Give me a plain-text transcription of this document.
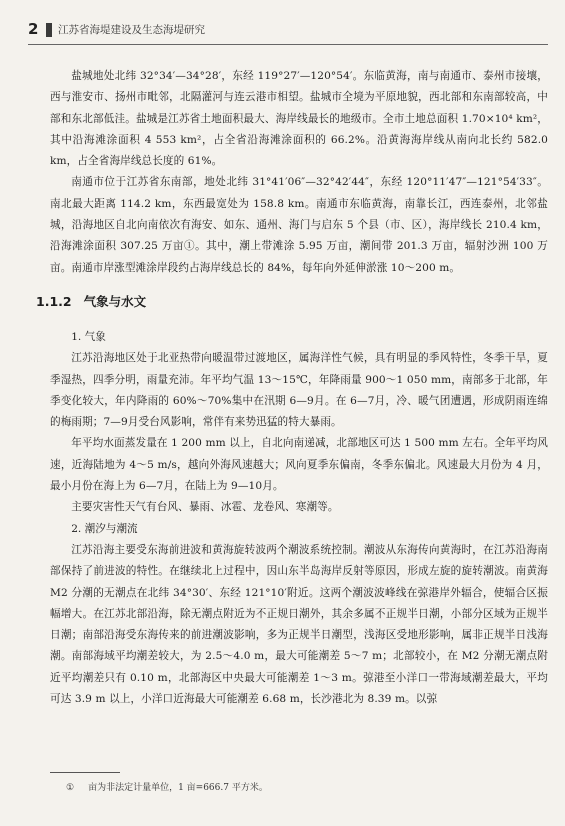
2 江苏省海堤建设及生态海堤研究

盐城地处北纬 32°34′—34°28′，东经 119°27′—120°54′。东临黄海，南与南通市、泰州市接壤，西与淮安市、扬州市毗邻，北隔灌河与连云港市相望。盐城市全境为平原地貌，西北部和东南部较高，中部和东北部低洼。盐城是江苏省土地面积最大、海岸线最长的地级市。全市土地总面积 1.70×10⁴ km²，其中沿海滩涂面积 4 553 km²，占全省沿海滩涂面积的 66.2%。沿黄海海岸线从南向北长约 582.0 km，占全省海岸线总长度的 61%。

南通市位于江苏省东南部，地处北纬 31°41′06″—32°42′44″，东经 120°11′47″—121°54′33″。南北最大距离 114.2 km，东西最宽处为 158.8 km。南通市东临黄海，南靠长江，西连泰州，北邻盐城，沿海地区自北向南依次有海安、如东、通州、海门与启东 5 个县（市、区），海岸线长 210.4 km，沿海滩涂面积 307.25 万亩①。其中，潮上带滩涂 5.95 万亩，潮间带 201.3 万亩，辐射沙洲 100 万亩。南通市岸涨型滩涂岸段约占海岸线总长的 84%，每年向外延伸淤涨 10～200 m。

1.1.2 气象与水文

1. 气象

江苏沿海地区处于北亚热带向暖温带过渡地区，属海洋性气候，具有明显的季风特性，冬季干旱，夏季湿热，四季分明，雨量充沛。年平均气温 13～15℃，年降雨量 900～1 050 mm，南部多于北部，年季变化较大，年内降雨的 60%～70%集中在汛期 6—9月。在 6—7月，冷、暖气团遭遇，形成阴雨连绵的梅雨期；7—9月受台风影响，常伴有来势迅猛的特大暴雨。

年平均水面蒸发量在 1 200 mm 以上，自北向南递减，北部地区可达 1 500 mm 左右。全年平均风速，近海陆地为 4～5 m/s，越向外海风速越大；风向夏季东偏南，冬季东偏北。风速最大月份为 4 月，最小月份在海上为 6—7月，在陆上为 9—10月。

主要灾害性天气有台风、暴雨、冰雹、龙卷风、寒潮等。

2. 潮汐与潮流

江苏沿海主要受东海前进波和黄海旋转波两个潮波系统控制。潮波从东海传向黄海时，在江苏沿海南部保持了前进波的特性。在继续北上过程中，因山东半岛海岸反射等原因，形成左旋的旋转潮波。南黄海 M2 分潮的无潮点在北纬 34°30′、东经 121°10′附近。这两个潮波波峰线在弶港岸外辐合，使辐合区振幅增大。在江苏北部沿海，除无潮点附近为不正规日潮外，其余多属不正规半日潮，小部分区域为正规半日潮；南部沿海受东海传来的前进潮波影响，多为正规半日潮型，浅海区受地形影响，属非正规半日浅海潮。南部海域平均潮差较大，为 2.5～4.0 m，最大可能潮差 5～7 m；北部较小，在 M2 分潮无潮点附近平均潮差只有 0.10 m，北部海区中央最大可能潮差 1～3 m。弶港至小洋口一带海域潮差最大，平均可达 3.9 m 以上，小洋口近海最大可能潮差 6.68 m，长沙港北为 8.39 m。以弶

① 亩为非法定计量单位，1 亩=666.7 平方米。
